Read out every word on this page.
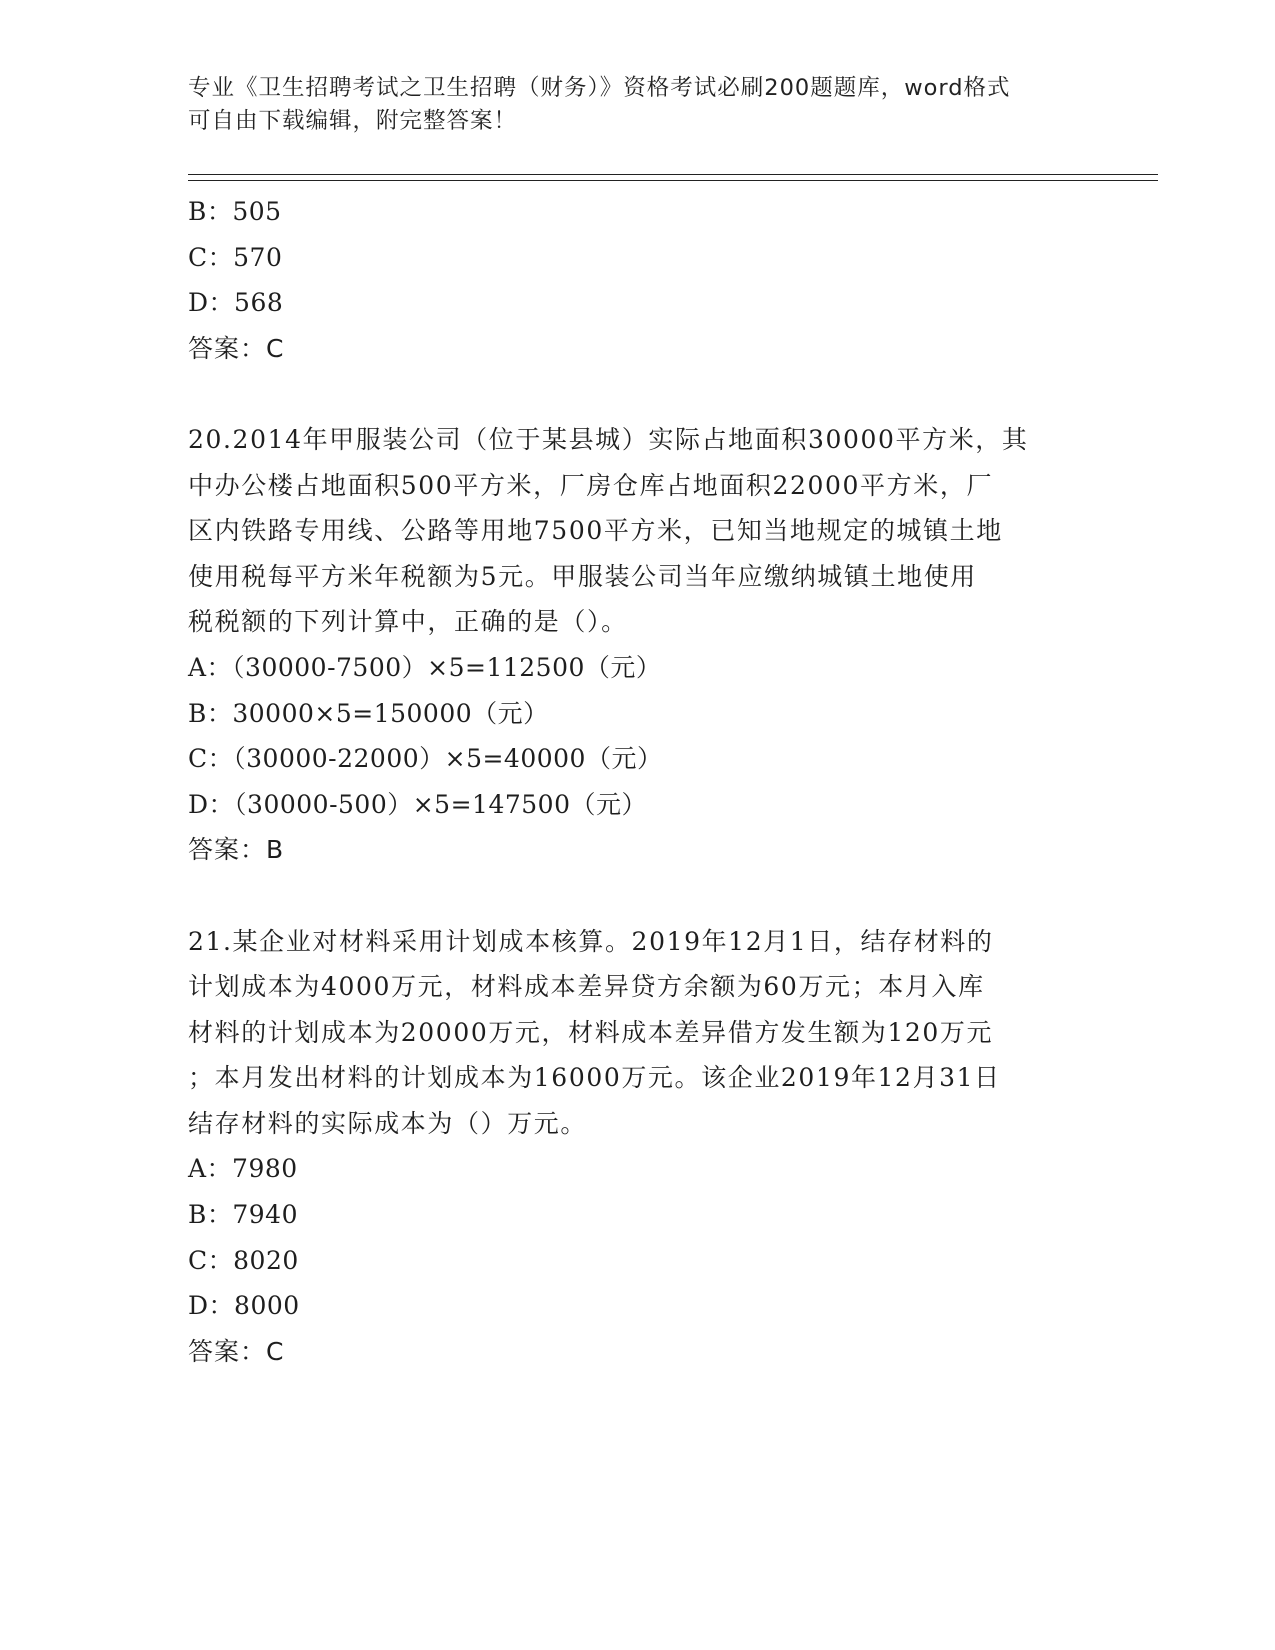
专业《卫生招聘考试之卫生招聘（财务）》资格考试必刷200题题库，word格式
可自由下载编辑，附完整答案！
B：505
C：570
D：568
答案：C
20.2014年甲服装公司（位于某县城）实际占地面积30000平方米，其
中办公楼占地面积500平方米，厂房仓库占地面积22000平方米，厂
区内铁路专用线、公路等用地7500平方米，已知当地规定的城镇土地
使用税每平方米年税额为5元。甲服装公司当年应缴纳城镇土地使用
税税额的下列计算中，正确的是（）。
A：（30000-7500）×5=112500（元）
B：30000×5=150000（元）
C：（30000-22000）×5=40000（元）
D：（30000-500）×5=147500（元）
答案：B
21.某企业对材料采用计划成本核算。2019年12月1日，结存材料的
计划成本为4000万元，材料成本差异贷方余额为60万元；本月入库
材料的计划成本为20000万元，材料成本差异借方发生额为120万元
；本月发出材料的计划成本为16000万元。该企业2019年12月31日
结存材料的实际成本为（）万元。
A：7980
B：7940
C：8020
D：8000
答案：C
